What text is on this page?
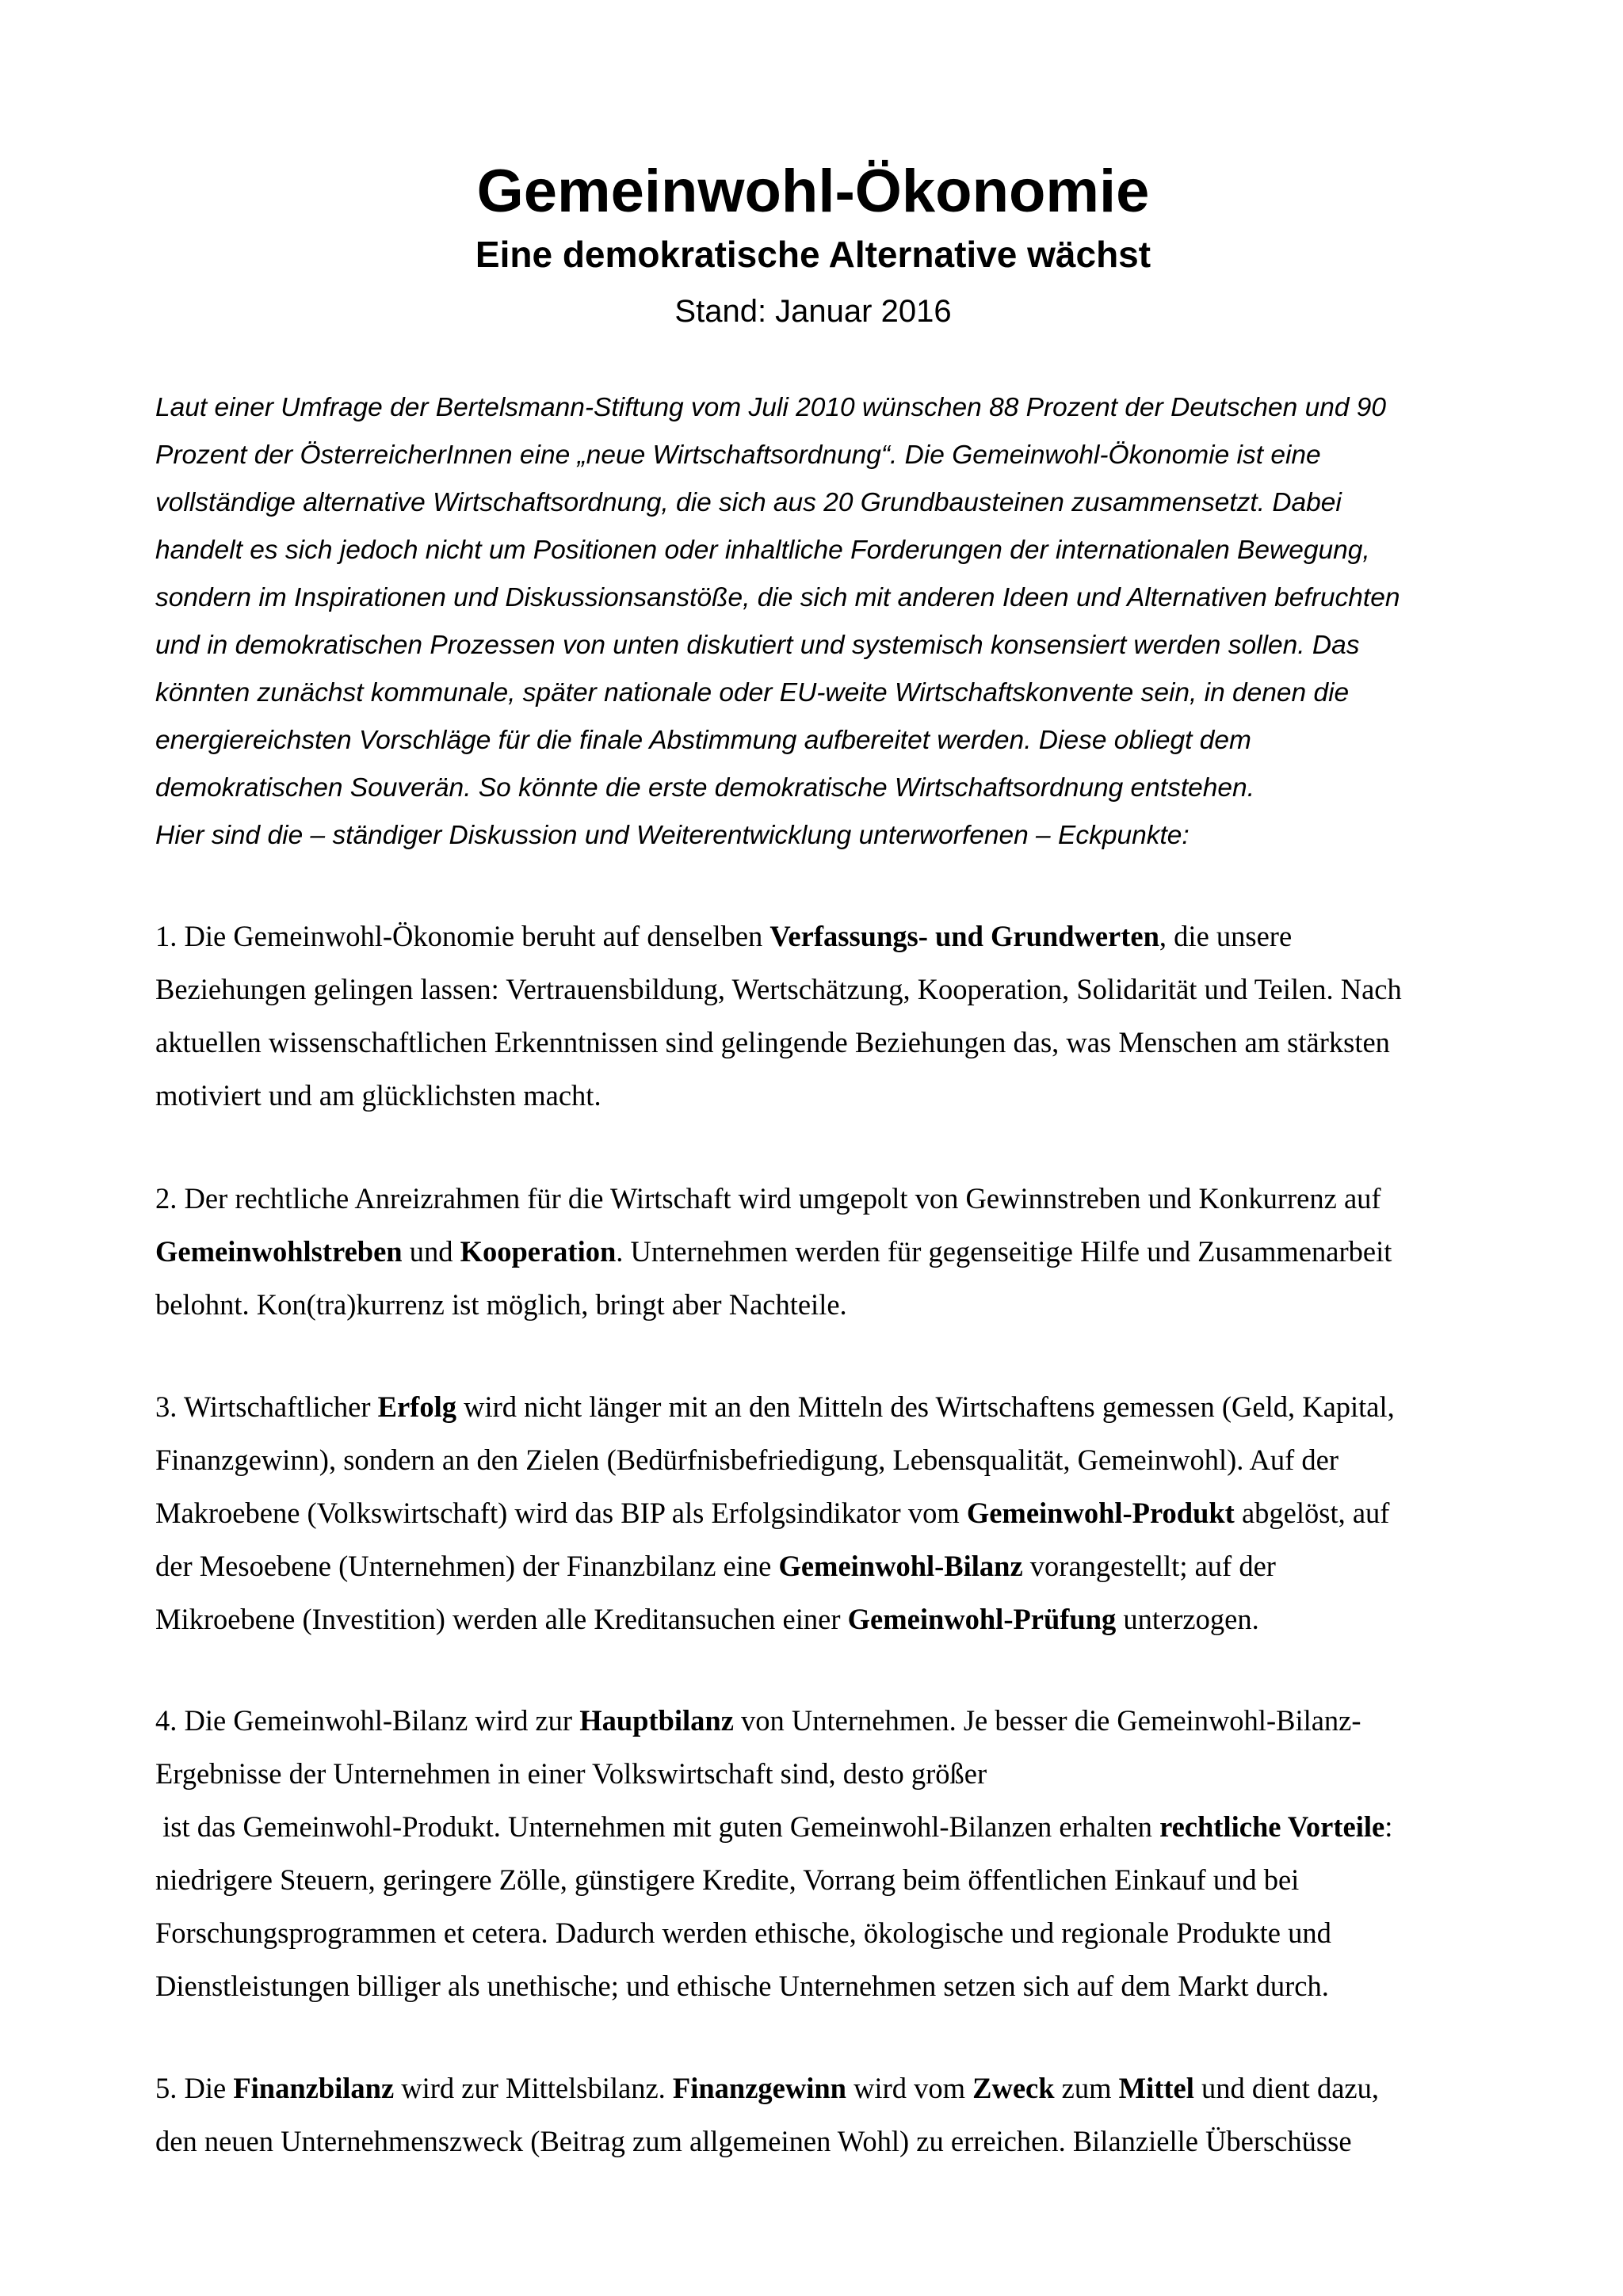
Gemeinwohl-Ökonomie
Eine demokratische Alternative wächst

Stand: Januar 2016

Laut einer Umfrage der Bertelsmann-Stiftung vom Juli 2010 wünschen 88 Prozent der Deutschen und 90
Prozent der ÖsterreicherInnen eine „neue Wirtschaftsordnung“. Die Gemeinwohl-Ökonomie ist eine
vollständige alternative Wirtschaftsordnung, die sich aus 20 Grundbausteinen zusammensetzt. Dabei
handelt es sich jedoch nicht um Positionen oder inhaltliche Forderungen der internationalen Bewegung,
sondern im Inspirationen und Diskussionsanstöße, die sich mit anderen Ideen und Alternativen befruchten
und in demokratischen Prozessen von unten diskutiert und systemisch konsensiert werden sollen. Das
könnten zunächst kommunale, später nationale oder EU-weite Wirtschaftskonvente sein, in denen die
energiereichsten Vorschläge für die finale Abstimmung aufbereitet werden. Diese obliegt dem
demokratischen Souverän. So könnte die erste demokratische Wirtschaftsordnung entstehen.
Hier sind die – ständiger Diskussion und Weiterentwicklung unterworfenen – Eckpunkte:
1. Die Gemeinwohl-Ökonomie beruht auf denselben Verfassungs- und Grundwerten, die unsere
Beziehungen gelingen lassen: Vertrauensbildung, Wertschätzung, Kooperation, Solidarität und Teilen. Nach
aktuellen wissenschaftlichen Erkenntnissen sind gelingende Beziehungen das, was Menschen am stärksten
motiviert und am glücklichsten macht.
2. Der rechtliche Anreizrahmen für die Wirtschaft wird umgepolt von Gewinnstreben und Konkurrenz auf
Gemeinwohlstreben und Kooperation. Unternehmen werden für gegenseitige Hilfe und Zusammenarbeit
belohnt. Kon(tra)kurrenz ist möglich, bringt aber Nachteile.
3. Wirtschaftlicher Erfolg wird nicht länger mit an den Mitteln des Wirtschaftens gemessen (Geld, Kapital,
Finanzgewinn), sondern an den Zielen (Bedürfnisbefriedigung, Lebensqualität, Gemeinwohl). Auf der
Makroebene (Volkswirtschaft) wird das BIP als Erfolgsindikator vom Gemeinwohl-Produkt abgelöst, auf
der Mesoebene (Unternehmen) der Finanzbilanz eine Gemeinwohl-Bilanz vorangestellt; auf der
Mikroebene (Investition) werden alle Kreditansuchen einer Gemeinwohl-Prüfung unterzogen.
4. Die Gemeinwohl-Bilanz wird zur Hauptbilanz von Unternehmen. Je besser die Gemeinwohl-Bilanz-
Ergebnisse der Unternehmen in einer Volkswirtschaft sind, desto größer
ist das Gemeinwohl-Produkt. Unternehmen mit guten Gemeinwohl-Bilanzen erhalten rechtliche Vorteile:
niedrigere Steuern, geringere Zölle, günstigere Kredite, Vorrang beim öffentlichen Einkauf und bei
Forschungsprogrammen et cetera. Dadurch werden ethische, ökologische und regionale Produkte und
Dienstleistungen billiger als unethische; und ethische Unternehmen setzen sich auf dem Markt durch.
5. Die Finanzbilanz wird zur Mittelsbilanz. Finanzgewinn wird vom Zweck zum Mittel und dient dazu,
den neuen Unternehmenszweck (Beitrag zum allgemeinen Wohl) zu erreichen. Bilanzielle Überschüsse
